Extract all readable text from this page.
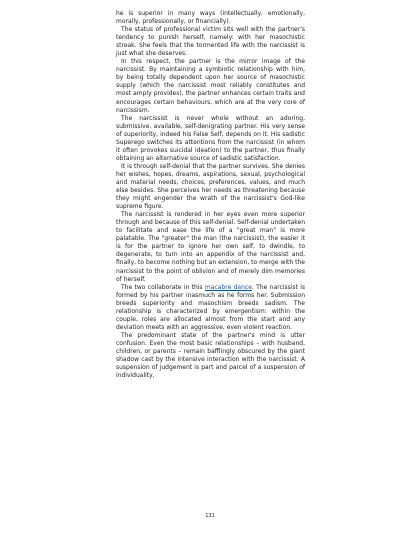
he is superior in many ways (intellectually, emotionally, morally, professionally, or financially).

The status of professional victim sits well with the partner's tendency to punish herself, namely: with her masochistic streak. She feels that the tormented life with the narcissist is just what she deserves.

In this respect, the partner is the mirror image of the narcissist. By maintaining a symbiotic relationship with him, by being totally dependent upon her source of masochistic supply (which the narcissist most reliably constitutes and most amply provides), the partner enhances certain traits and encourages certain behaviours, which are at the very core of narcissism.

The narcissist is never whole without an adoring, submissive, available, self-denigrating partner. His very sense of superiority, indeed his False Self, depends on it. His sadistic Superego switches its attentions from the narcissist (in whom it often provokes suicidal ideation) to the partner, thus finally obtaining an alternative source of sadistic satisfaction.

It is through self-denial that the partner survives. She denies her wishes, hopes, dreams, aspirations, sexual, psychological and material needs, choices, preferences, values, and much else besides. She perceives her needs as threatening because they might engender the wrath of the narcissist's God-like supreme figure.

The narcissist is rendered in her eyes even more superior through and because of this self-denial. Self-denial undertaken to facilitate and ease the life of a "great man" is more palatable. The "greater" the man (the narcissist), the easier it is for the partner to ignore her own self, to dwindle, to degenerate, to turn into an appendix of the narcissist and, finally, to become nothing but an extension, to merge with the narcissist to the point of oblivion and of merely dim memories of herself.

The two collaborate in this macabre dance. The narcissist is formed by his partner inasmuch as he forms her. Submission breeds superiority and masochism breeds sadism. The relationship is characterized by emergentism: within the couple, roles are allocated almost from the start and any deviation meets with an aggressive, even violent reaction.

The predominant state of the partner's mind is utter confusion. Even the most basic relationships – with husband, children, or parents – remain bafflingly obscured by the giant shadow cast by the intensive interaction with the narcissist. A suspension of judgement is part and parcel of a suspension of individuality,

131
